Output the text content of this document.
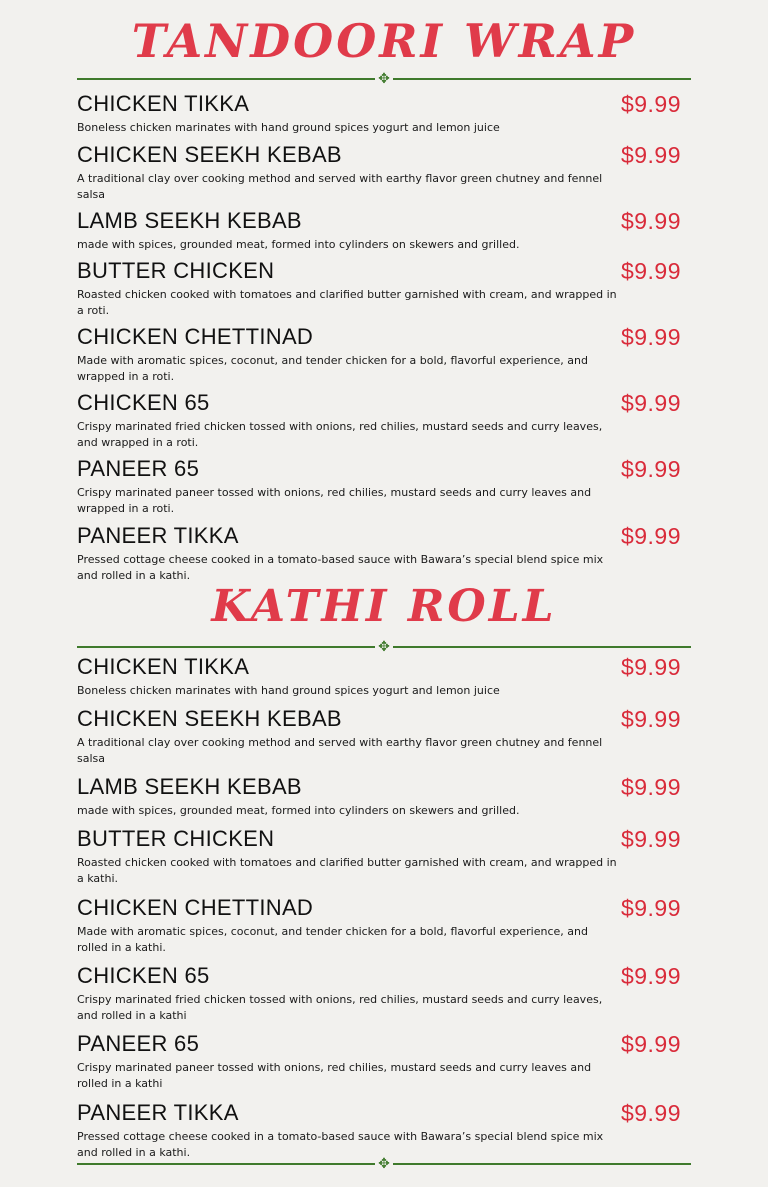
TANDOORI WRAP
✥
CHICKEN TIKKA	$9.99
Boneless chicken marinates with hand ground spices yogurt and lemon juice
CHICKEN SEEKH KEBAB	$9.99
A traditional clay over cooking method and served with earthy flavor green chutney and fennel salsa
LAMB SEEKH KEBAB	$9.99
made with spices, grounded meat, formed into cylinders on skewers and grilled.
BUTTER CHICKEN	$9.99
Roasted chicken cooked with tomatoes and clarified butter garnished with cream, and wrapped in a roti.
CHICKEN CHETTINAD	$9.99
Made with aromatic spices, coconut, and tender chicken for a bold, flavorful experience, and wrapped in a roti.
CHICKEN 65	$9.99
Crispy marinated fried chicken tossed with onions, red chilies, mustard seeds and curry leaves, and wrapped in a roti.
PANEER 65	$9.99
Crispy marinated paneer tossed with onions, red chilies, mustard seeds and curry leaves and wrapped in a roti.
PANEER TIKKA	$9.99
Pressed cottage cheese cooked in a tomato-based sauce with Bawara’s special blend spice mix and rolled in a kathi.
KATHI ROLL
✥
CHICKEN TIKKA	$9.99
Boneless chicken marinates with hand ground spices yogurt and lemon juice
CHICKEN SEEKH KEBAB	$9.99
A traditional clay over cooking method and served with earthy flavor green chutney and fennel salsa
LAMB SEEKH KEBAB	$9.99
made with spices, grounded meat, formed into cylinders on skewers and grilled.
BUTTER CHICKEN	$9.99
Roasted chicken cooked with tomatoes and clarified butter garnished with cream, and wrapped in a kathi.
CHICKEN CHETTINAD	$9.99
Made with aromatic spices, coconut, and tender chicken for a bold, flavorful experience, and rolled in a kathi.
CHICKEN 65	$9.99
Crispy marinated fried chicken tossed with onions, red chilies, mustard seeds and curry leaves, and rolled in a kathi
PANEER 65	$9.99
Crispy marinated paneer tossed with onions, red chilies, mustard seeds and curry leaves and rolled in a kathi
PANEER TIKKA	$9.99
Pressed cottage cheese cooked in a tomato-based sauce with Bawara’s special blend spice mix and rolled in a kathi.
✥
